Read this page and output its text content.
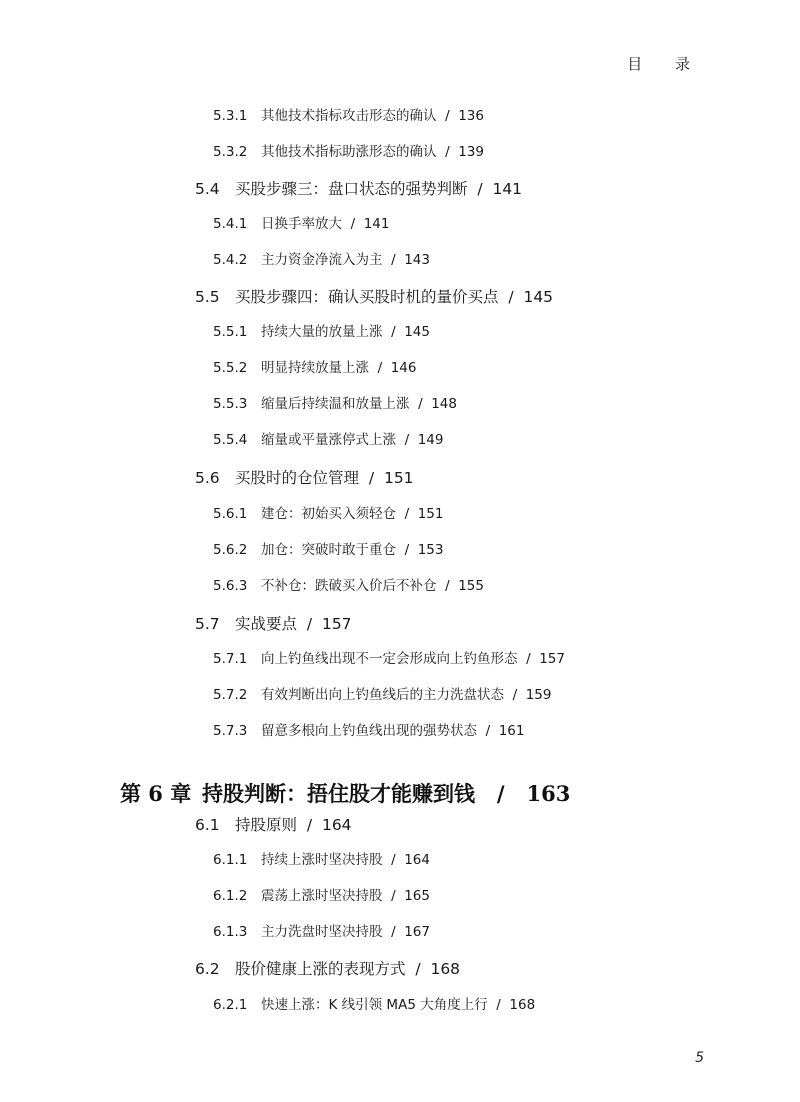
目 录
5.3.1 其他技术指标攻击形态的确认  /  136
5.3.2 其他技术指标助涨形态的确认  /  139
5.4 买股步骤三：盘口状态的强势判断  /  141
5.4.1 日换手率放大  /  141
5.4.2 主力资金净流入为主  /  143
5.5 买股步骤四：确认买股时机的量价买点  /  145
5.5.1 持续大量的放量上涨  /  145
5.5.2 明显持续放量上涨  /  146
5.5.3 缩量后持续温和放量上涨  /  148
5.5.4 缩量或平量涨停式上涨  /  149
5.6 买股时的仓位管理  /  151
5.6.1 建仓：初始买入须轻仓  /  151
5.6.2 加仓：突破时敢于重仓  /  153
5.6.3 不补仓：跌破买入价后不补仓  /  155
5.7 实战要点  /  157
5.7.1 向上钓鱼线出现不一定会形成向上钓鱼形态  /  157
5.7.2 有效判断出向上钓鱼线后的主力洗盘状态  /  159
5.7.3 留意多根向上钓鱼线出现的强势状态  /  161
第 6 章 持股判断：捂住股才能赚到钱   /   163
6.1 持股原则  /  164
6.1.1 持续上涨时坚决持股  /  164
6.1.2 震荡上涨时坚决持股  /  165
6.1.3 主力洗盘时坚决持股  /  167
6.2 股价健康上涨的表现方式  /  168
6.2.1 快速上涨：K 线引领 MA5 大角度上行  /  168
5
